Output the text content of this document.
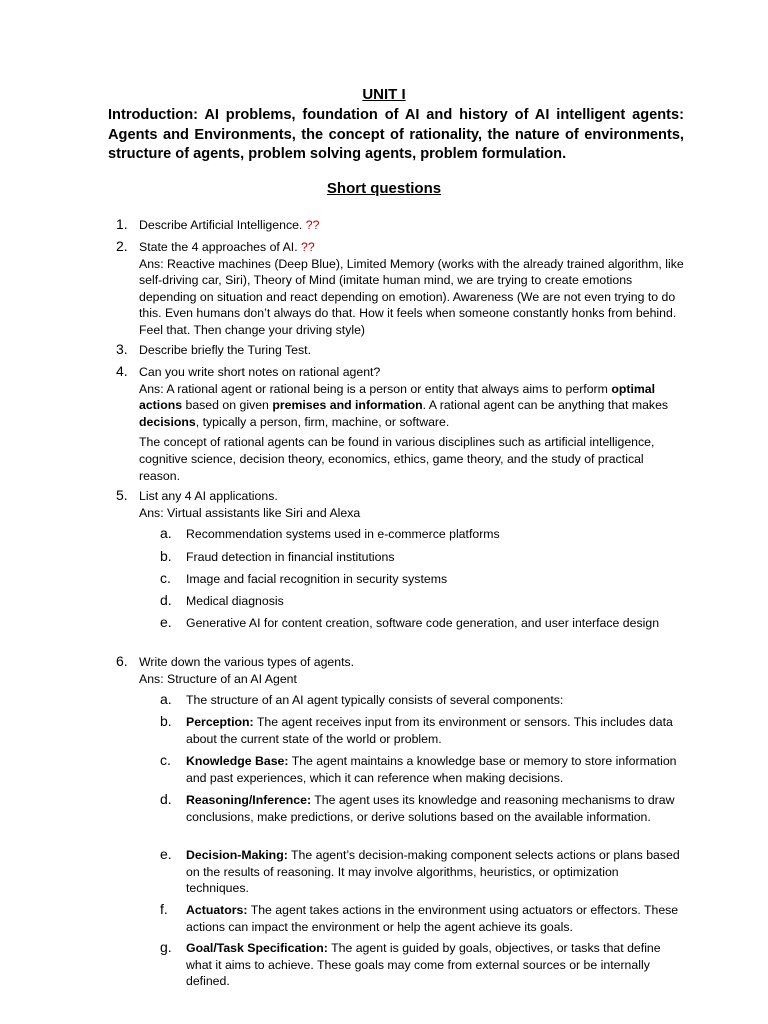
UNIT I
Introduction: AI problems, foundation of AI and history of AI intelligent agents: Agents and Environments, the concept of rationality, the nature of environments, structure of agents, problem solving agents, problem formulation.
Short questions
1. Describe Artificial Intelligence. ??
2. State the 4 approaches of AI. ??

Ans: Reactive machines (Deep Blue), Limited Memory (works with the already trained algorithm, like self-driving car, Siri), Theory of Mind (imitate human mind, we are trying to create emotions depending on situation and react depending on emotion). Awareness (We are not even trying to do this. Even humans don’t always do that. How it feels when someone constantly honks from behind. Feel that. Then change your driving style)

3. Describe briefly the Turing Test.
4. Can you write short notes on rational agent?

Ans: A rational agent or rational being is a person or entity that always aims to perform optimal actions based on given premises and information. A rational agent can be anything that makes decisions, typically a person, firm, machine, or software.

The concept of rational agents can be found in various disciplines such as artificial intelligence, cognitive science, decision theory, economics, ethics, game theory, and the study of practical reason.

5. List any 4 AI applications.

Ans: Virtual assistants like Siri and Alexa

a.	Recommendation systems used in e-commerce platforms
b.	Fraud detection in financial institutions
c.	Image and facial recognition in security systems
d.	Medical diagnosis
e.	Generative AI for content creation, software code generation, and user interface design
6. Write down the various types of agents.

Ans: Structure of an AI Agent

a.	The structure of an AI agent typically consists of several components:
b.	Perception: The agent receives input from its environment or sensors. This includes data about the current state of the world or problem.
c.	Knowledge Base: The agent maintains a knowledge base or memory to store information and past experiences, which it can reference when making decisions.
d.	Reasoning/Inference: The agent uses its knowledge and reasoning mechanisms to draw conclusions, make predictions, or derive solutions based on the available information.
e.	Decision-Making: The agent’s decision-making component selects actions or plans based on the results of reasoning. It may involve algorithms, heuristics, or optimization techniques.
f.	Actuators: The agent takes actions in the environment using actuators or effectors. These actions can impact the environment or help the agent achieve its goals.
g.	Goal/Task Specification: The agent is guided by goals, objectives, or tasks that define what it aims to achieve. These goals may come from external sources or be internally defined.
